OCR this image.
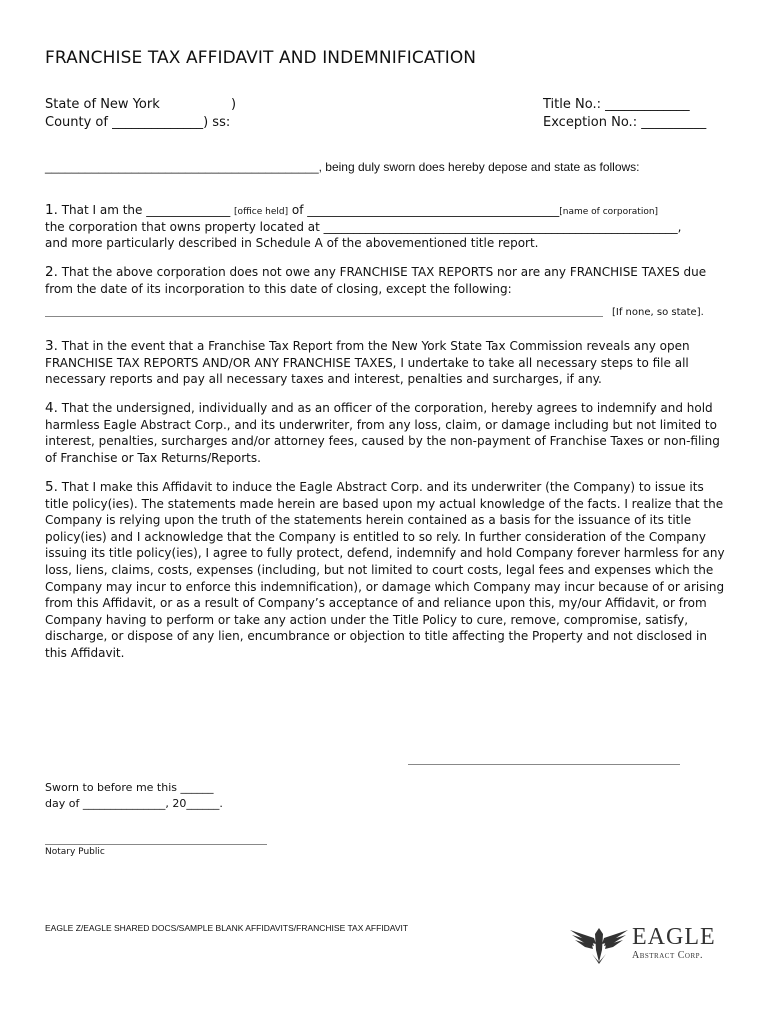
FRANCHISE TAX AFFIDAVIT AND INDEMNIFICATION
State of New York	)
County of ______________) ss:
Title No.: _____________
Exception No.: __________
_________________________________________, being duly sworn does hereby depose and state as follows:
1. That I am the ______________ [office held] of __________________________________________[name of corporation]
the corporation that owns property located at ___________________________________________________________,
and more particularly described in Schedule A of the abovementioned title report.
2. That the above corporation does not owe any FRANCHISE TAX REPORTS nor are any FRANCHISE TAXES due from the date of its incorporation to this date of closing, except the following:
[If none, so state].
3. That in the event that a Franchise Tax Report from the New York State Tax Commission reveals any open FRANCHISE TAX REPORTS AND/OR ANY FRANCHISE TAXES, I undertake to take all necessary steps to file all necessary reports and pay all necessary taxes and interest, penalties and surcharges, if any.
4. That the undersigned, individually and as an officer of the corporation, hereby agrees to indemnify and hold harmless Eagle Abstract Corp., and its underwriter, from any loss, claim, or damage including but not limited to interest, penalties, surcharges and/or attorney fees, caused by the non-payment of Franchise Taxes or non-filing of Franchise or Tax Returns/Reports.
5. That I make this Affidavit to induce the Eagle Abstract Corp. and its underwriter (the Company) to issue its title policy(ies). The statements made herein are based upon my actual knowledge of the facts. I realize that the Company is relying upon the truth of the statements herein contained as a basis for the issuance of its title policy(ies) and I acknowledge that the Company is entitled to so rely. In further consideration of the Company issuing its title policy(ies), I agree to fully protect, defend, indemnify and hold Company forever harmless for any loss, liens, claims, costs, expenses (including, but not limited to court costs, legal fees and expenses which the Company may incur to enforce this indemnification), or damage which Company may incur because of or arising from this Affidavit, or as a result of Company’s acceptance of and reliance upon this, my/our Affidavit, or from Company having to perform or take any action under the Title Policy to cure, remove, compromise, satisfy, discharge, or dispose of any lien, encumbrance or objection to title affecting the Property and not disclosed in this Affidavit.
Sworn to before me this ______
day of _______________, 20______.
Notary Public
EAGLE Z/EAGLE SHARED DOCS/SAMPLE BLANK AFFIDAVITS/FRANCHISE TAX AFFIDAVIT	EAGLE
Abstract Corp.
